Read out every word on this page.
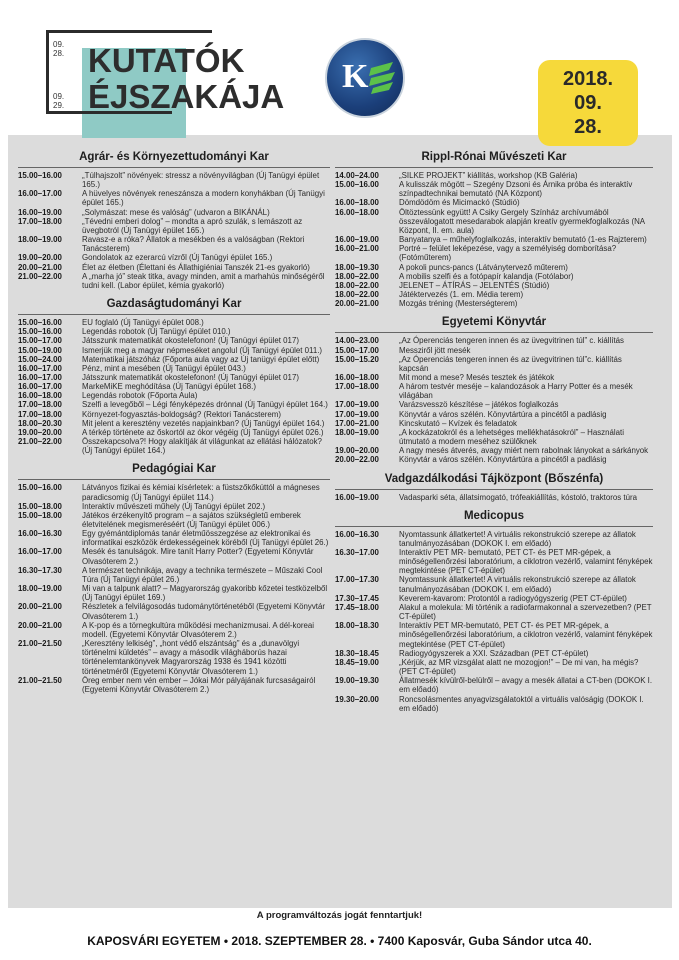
09.
28.
09.
29.
KUTATÓK
ÉJSZAKÁJA
K	2018.
09.
28.
Agrár- és Környezettudományi Kar
15.00–16.00	„Túlhajszolt” növények: stressz a növényvilágban (Új Tanügyi épület 165.)
16.00–17.00	A hüvelyes növények reneszánsza a modern konyhákban (Új Tanügyi épület 165.)
16.00–19.00	„Solymászat: mese és valóság” (udvaron a BIKÁNÁL)
17.00–18.00	„Tévedni emberi dolog” – mondta a apró szulák, s lemászott az üvegbotról (Új Tanügyi épület 165.)
18.00–19.00	Ravasz-e a róka? Állatok a mesékben és a valóságban (Rektori Tanácsterem)
19.00–20.00	Gondolatok az ezerarcú vízről (Új Tanügyi épület 165.)
20.00–21.00	Élet az életben (Élettani és Állathigiéniai Tanszék 21-es gyakorló)
21.00–22.00	A „marha jó” steak titka, avagy minden, amit a marhahús minőségéről tudni kell. (Labor épület, kémia gyakorló)
Gazdaságtudományi Kar
15.00–16.00	EU foglaló (Új Tanügyi épület 008.)
15.00–16.00	Legendás robotok (Új Tanügyi épület 010.)
15.00–17.00	Játsszunk matematikát okostelefonon! (Új Tanügyi épület 017)
15.00–19.00	Ismerjük meg a magyar népmeséket angolul (Új Tanügyi épület 011.)
15.00–24.00	Matematikai játszóház (Főporta aula vagy az Új tanügyi épület előtt)
16.00–17.00	Pénz, mint a mesében (Új Tanügyi épület 043.)
16.00–17.00	Játsszunk matematikát okostelefonon! (Új Tanügyi épület 017)
16.00–17.00	MarkeMiKE meghódítása (Új Tanügyi épület 168.)
16.00–18.00	Legendás robotok (Főporta Aula)
17.00–18.00	Szelfi a levegőből – Légi fényképezés drónnal (Új Tanügyi épület 164.)
17.00–18.00	Környezet-fogyasztás-boldogság? (Rektori Tanácsterem)
18.00–20.30	Mit jelent a keresztény vezetés napjainkban? (Új Tanügyi épület 164.)
19.00–20.00	A térkép története az őskortól az ókor végéig (Új Tanügyi épület 026.)
21.00–22.00	Összekapcsolva?! Hogy alakítják át világunkat az ellátási hálózatok? (Új Tanügyi épület 164.)
Pedagógiai Kar
15.00–16.00	Látványos fizikai és kémiai kísérletek: a füstszőkőkúttól a mágneses paradicsomig (Új Tanügyi épület 114.)
15.00–18.00	Interaktív művészeti műhely (Új Tanügyi épület 202.)
15.00–18.00	Játékos érzékenyítő program – a sajátos szükségletű emberek életvitelének megismeréséért (Új Tanügyi épület 006.)
16.00–16.30	Egy gyémántdiplomás tanár életműösszegzése az elektronikai és informatikai eszközök érdekességeinek köréből (Új Tanügyi épület 26.)
16.00–17.00	Mesék és tanulságok. Mire tanít Harry Potter? (Egyetemi Könyvtár Olvasóterem 2.)
16.30–17.30	A természet technikája, avagy a technika természete – Műszaki Cool Túra (Új Tanügyi épület 26.)
18.00–19.00	Mi van a talpunk alatt? – Magyarország gyakoribb kőzetei testközelből (Új Tanügyi épület 169.)
20.00–21.00	Részletek a felvilágosodás tudománytörténetéből (Egyetemi Könyvtár Olvasóterem 1.)
20.00–21.00	A K-pop és a törnegkultúra működési mechanizmusai. A dél-koreai modell. (Egyetemi Könyvtár Olvasóterem 2.)
21.00–21.50	„Keresztény lelkiség”, „hont védő elszántság” és a „dunavölgyi történelmi küldetés” – avagy a második világháborús hazai történelemtankönyvek Magyarország 1938 és 1941 közötti történetméről (Egyetemi Könyvtár Olvasóterem 1.)
21.00–21.50	Öreg ember nem vén ember – Jókai Mór pályájának furcsaságairól (Egyetemi Könyvtár Olvasóterem 2.)
Rippl-Rónai Művészeti Kar
14.00–24.00	„SILKE PROJEKT” kiállítás, workshop (KB Galéria)
15.00–16.00	A kulisszák mögött – Szegény Dzsoni és Árnika próba és interaktív színpadtechnikai bemutató (NA Központ)
16.00–18.00	Dömdödöm és Micimackó (Stúdió)
16.00–18.00	Öltöztessünk együtt! A Csiky Gergely Színház archívumából összeválogatott mesedarabok alapján kreatív gyermekfoglalkozás (NA Központ, II. em. aula)
16.00–19.00	Banyatanya – műhelyfoglalkozás, interaktív bemutató (1-es Rajzterem)
16.00–21.00	Portré – felület leképezése, vagy a személyiség domborítása? (Fotóműterem)
18.00–19.30	A pokoli puncs-pancs (Látványtervező műterem)
18.00–22.00	A mobilis szelfi és a fotópapír kalandja (Fotólabor)
18.00–22.00	JELENET – ÁTÍRÁS – JELENTÉS (Stúdió)
18.00–22.00	Játéktervezés (1. em. Média terem)
20.00–21.00	Mozgás tréning (Mesterségterem)
Egyetemi Könyvtár
14.00–23.00	„Az Óperenciás tengeren innen és az üvegvitrinen túl” c. kiállítás
15.00–17.00	Messziről jött mesék
15.00–15.20	„Az Óperenciás tengeren innen és az üvegvitrinen túl”c. kiállítás kapcsán
16.00–18.00	Mit mond a mese? Mesés tesztek és játékok
17.00–18.00	A három testvér meséje – kalandozások a Harry Potter és a mesék világában
17.00–19.00	Varázsvesszö készítése – játékos foglalkozás
17.00–19.00	Könyvtár a város szélén. Könyvtártúra a pincétől a padlásig
17.00–21.00	Kincskutató – Kvízek és feladatok
18.00–19.00	„A kockázatokról és a lehetséges mellékhatásokról” – Használati útmutató a modern meséhez szülőknek
19.00–20.00	A nagy mesés átverés, avagy miért nem rabolnak lányokat a sárkányok
20.00–22.00	Könyvtár a város szélén. Könyvtártúra a pincétől a padlásig
Vadgazdálkodási Tájközpont (Bőszénfa)
16.00–19.00	Vadasparki séta, állatsimogató, trófeakiállítás, kóstoló, traktoros túra
Medicopus
16.00–16.30	Nyomtassunk állatkertet! A virtuális rekonstrukció szerepe az állatok tanulmányozásában (DOKOK I. em előadó)
16.30–17.00	Interaktív PET MR- bemutató, PET CT- és PET MR-gépek, a minőségellenőrzési laboratórium, a ciklotron vezérlő, valamint fényképek megtekintése (PET CT-épület)
17.00–17.30	Nyomtassunk állatkertet! A virtuális rekonstrukció szerepe az állatok tanulmányozásában (DOKOK I. em előadó)
17.30–17.45	Keverem-kavarom: Protontól a radiogyógyszerig (PET CT-épület)
17.45–18.00	Alakul a molekula: Mi történik a radiofarmakonnal a szervezetben? (PET CT-épület)
18.00–18.30	Interaktív PET MR-bemutató, PET CT- és PET MR-gépek, a minőségellenőrzési laboratórium, a ciklotron vezérlő, valamint fényképek megtekintése (PET CT-épület)
18.30–18.45	Radiogyógyszerek a XXI. Században (PET CT-épület)
18.45–19.00	„Kérjük, az MR vizsgálat alatt ne mozogjon!” – De mi van, ha mégis? (PET CT-épület)
19.00–19.30	Állatmesék kívülről-belülről – avagy a mesék állatai a CT-ben (DOKOK I. em előadó)
19.30–20.00	Roncsolásmentes anyagvizsgálatoktól a virtuális valóságig (DOKOK I. em előadó)
A programváltozás jogát fenntartjuk!
KAPOSVÁRI EGYETEM • 2018. SZEPTEMBER 28. • 7400 Kaposvár, Guba Sándor utca 40.
